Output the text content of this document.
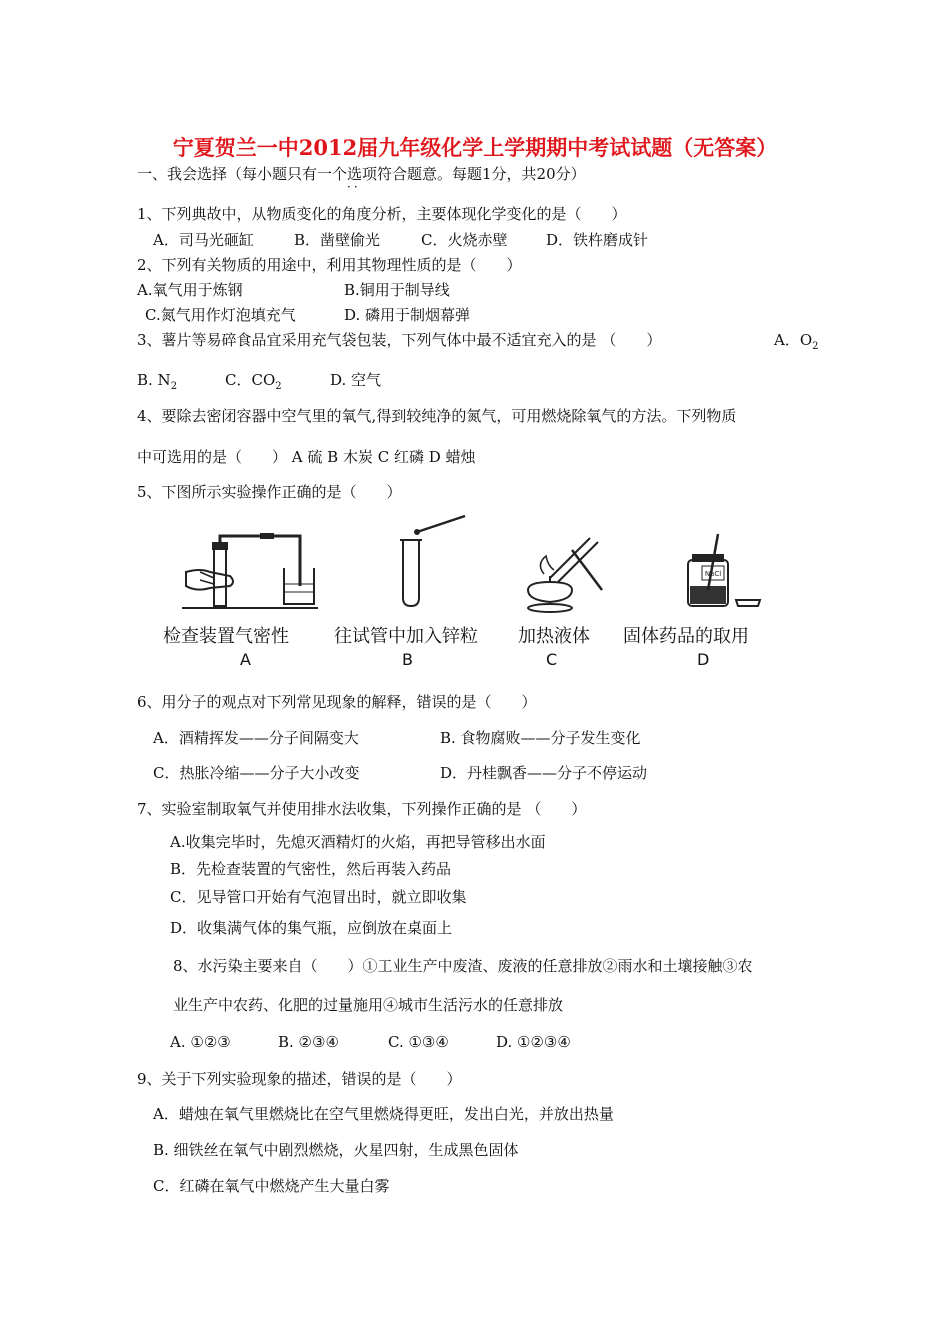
宁夏贺兰一中2012届九年级化学上学期期中考试试题（无答案）
一、我会选择（每小题只有一个选项符合题意。每题1分，共20分）
··
1、下列典故中，从物质变化的角度分析，主要体现化学变化的是（　　）
A．司马光砸缸	B．凿壁偷光	C．火烧赤壁	D．铁杵磨成针
2、下列有关物质的用途中，利用其物理性质的是（　　）
A.氧气用于炼钢	B.铜用于制导线
C.氮气用作灯泡填充气	D. 磷用于制烟幕弹
3、薯片等易碎食品宜采用充气袋包装，下列气体中最不适宜充入的是 （　　）	A．$O_2$
B. $N_2$	C．$CO_2$	D. 空气
4、要除去密闭容器中空气里的氧气,得到较纯净的氮气，可用燃烧除氧气的方法。下列物质
中可选用的是（　　） A 硫 B 木炭 C 红磷 D 蜡烛
5、下图所示实验操作正确的是（　　）
NaCl
检查装置气密性	往试管中加入锌粒 加热液体 固体药品的取用
A	B	C	D
6、用分子的观点对下列常见现象的解释，错误的是（　　）
A．酒精挥发——分子间隔变大	B. 食物腐败——分子发生变化
C．热胀冷缩——分子大小改变	D．丹桂飘香——分子不停运动
7、实验室制取氧气并使用排水法收集，下列操作正确的是 （　　）
A.收集完毕时，先熄灭酒精灯的火焰，再把导管移出水面
B．先检查装置的气密性，然后再装入药品
C．见导管口开始有气泡冒出时，就立即收集
D．收集满气体的集气瓶，应倒放在桌面上
8、水污染主要来自（　　）①工业生产中废渣、废液的任意排放②雨水和土壤接触③农
业生产中农药、化肥的过量施用④城市生活污水的任意排放
A. ①②③	B. ②③④	C. ①③④	D. ①②③④
9、关于下列实验现象的描述，错误的是（　　）
A．蜡烛在氧气里燃烧比在空气里燃烧得更旺，发出白光，并放出热量
B. 细铁丝在氧气中剧烈燃烧，火星四射，生成黑色固体
C．红磷在氧气中燃烧产生大量白雾
